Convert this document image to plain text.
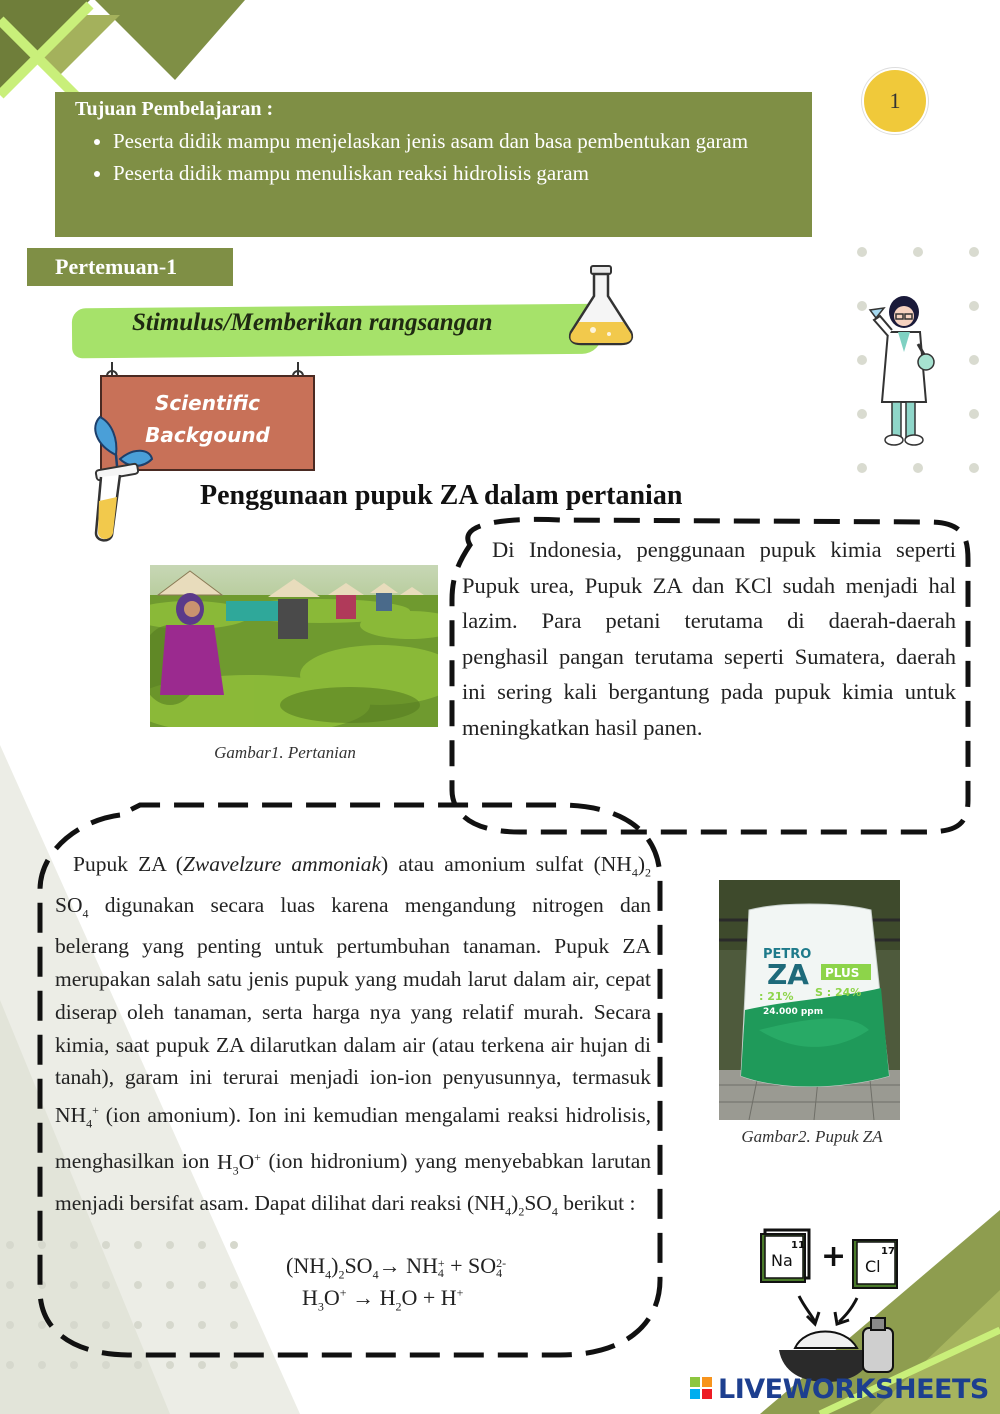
1
Tujuan Pembelajaran :
• Peserta didik mampu menjelaskan jenis asam dan basa pembentukan garam
• Peserta didik mampu menuliskan reaksi hidrolisis garam
Pertemuan-1
Stimulus/Memberikan rangsangan
Scientific
Backgound
Penggunaan pupuk ZA dalam pertanian
Gambar1. Pertanian
Di Indonesia, penggunaan pupuk kimia seperti Pupuk urea, Pupuk ZA dan KCl sudah menjadi hal lazim. Para petani terutama di daerah-daerah penghasil pangan terutama seperti Sumatera, daerah ini sering kali bergantung pada pupuk kimia untuk meningkatkan hasil panen.
Pupuk ZA (Zwavelzure ammoniak) atau amonium sulfat $(NH_4)_2$ $SO_4$ digunakan secara luas karena mengandung nitrogen dan belerang yang penting untuk pertumbuhan tanaman. Pupuk ZA merupakan salah satu jenis pupuk yang mudah larut dalam air, cepat diserap oleh tanaman, serta harga nya yang relatif murah. Secara kimia, saat pupuk ZA dilarutkan dalam air (atau terkena air hujan di tanah), garam ini terurai menjadi ion-ion penyusunnya, termasuk $NH_4^+$ (ion amonium). Ion ini kemudian mengalami reaksi hidrolisis, menghasilkan ion $H_3O^+$ (ion hidronium) yang menyebabkan larutan menjadi bersifat asam. Dapat dilihat dari reaksi $(NH_4)_2SO_4$ berikut :
$(NH_4)_2SO_4\to$ NH +
4 + SO 2-
4
$H_3O^+ \to H_2O + H^+$
PETRO
ZA PLUS
: 21% S : 24%
24.000 ppm
Gambar2. Pupuk ZA
11
Na +	17
Cl
LIVEWORKSHEETS
